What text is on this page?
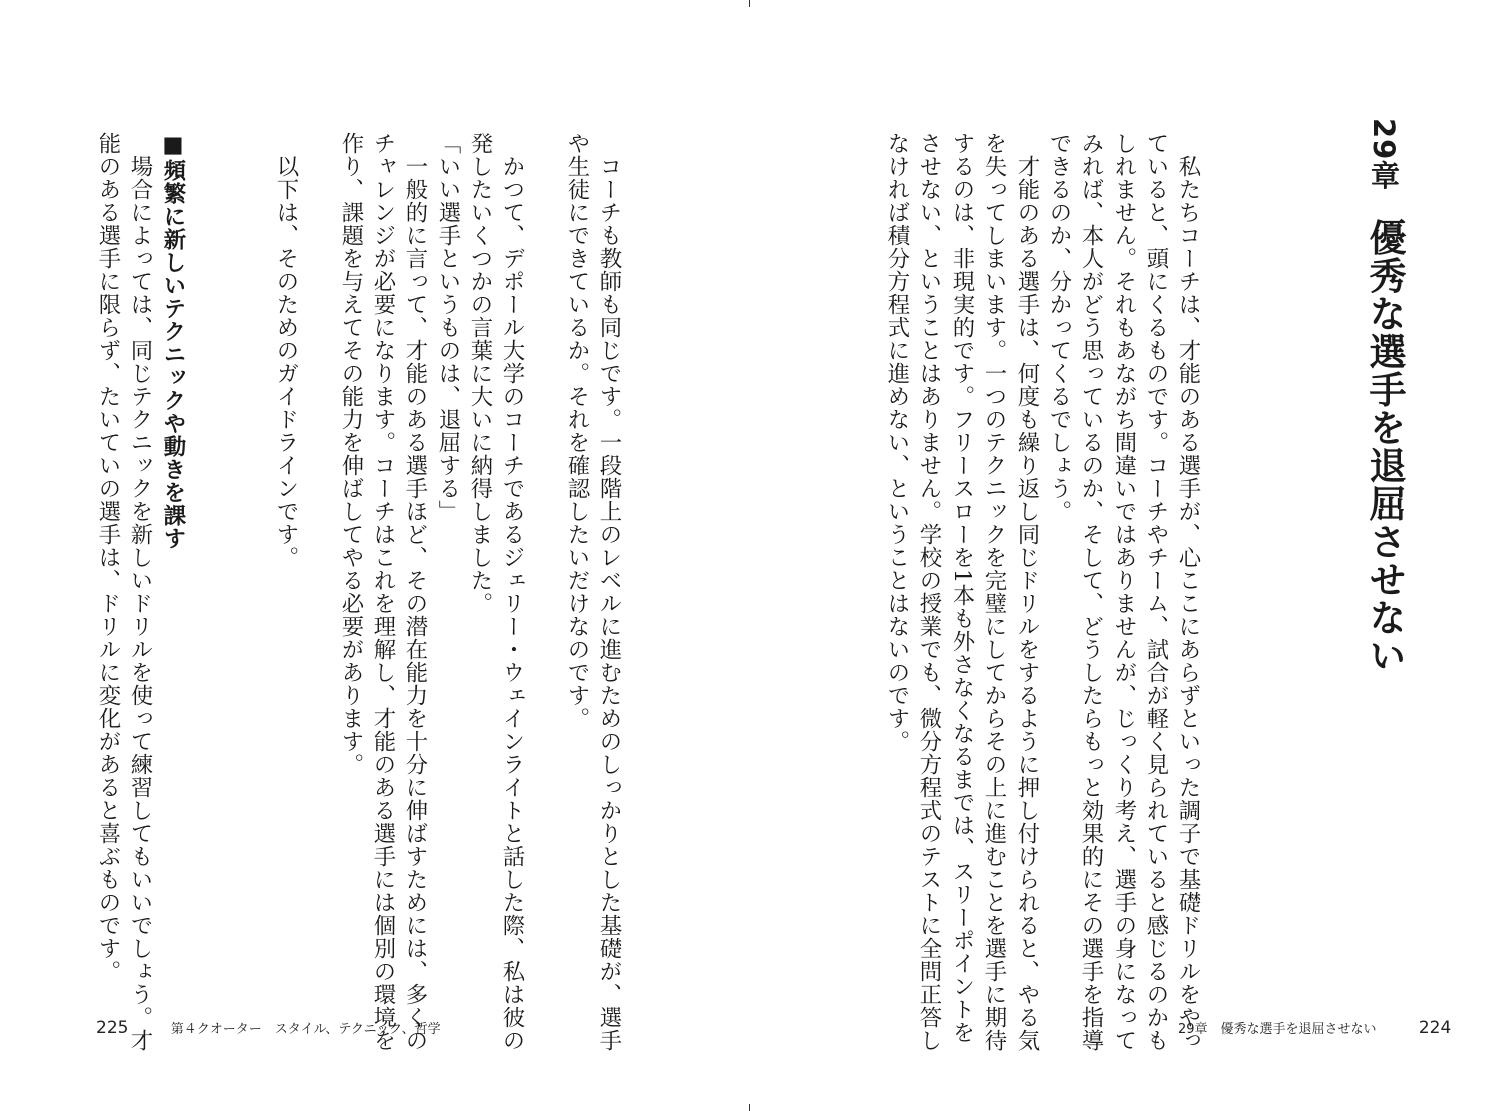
29章優秀な選手を退屈させない
　私たちコーチは、才能のある選手が、心ここにあらずといった調子で基礎ドリルをやっ
ていると、頭にくるものです。コーチやチーム、試合が軽く見られていると感じるのかも
しれません。それもあながち間違いではありませんが、じっくり考え、選手の身になって
みれば、本人がどう思っているのか、そして、どうしたらもっと効果的にその選手を指導
できるのか、分かってくるでしょう。
　才能のある選手は、何度も繰り返し同じドリルをするように押し付けられると、やる気
を失ってしまいます。一つのテクニックを完璧にしてからその上に進むことを選手に期待
するのは、非現実的です。フリースローを1本も外さなくなるまでは、スリーポイントを
させない、ということはありません。学校の授業でも、微分方程式のテストに全問正答し
なければ積分方程式に進めない、ということはないのです。
　コーチも教師も同じです。一段階上のレベルに進むためのしっかりとした基礎が、選手
や生徒にできているか。それを確認したいだけなのです。
　かつて、デポール大学のコーチであるジェリー・ウェインライトと話した際、私は彼の
発したいくつかの言葉に大いに納得しました。
「いい選手というものは、退屈する」
　一般的に言って、才能のある選手ほど、その潜在能力を十分に伸ばすためには、多くの
チャレンジが必要になります。コーチはこれを理解し、才能のある選手には個別の環境を
作り、課題を与えてその能力を伸ばしてやる必要があります。
　以下は、そのためのガイドラインです。
■頻繁に新しいテクニックや動きを課す
　場合によっては、同じテクニックを新しいドリルを使って練習してもいいでしょう。才
能のある選手に限らず、たいていの選手は、ドリルに変化があると喜ぶものです。
225	第４クオーター　スタイル、テクニック、哲学	29章　優秀な選手を退屈させない 224
